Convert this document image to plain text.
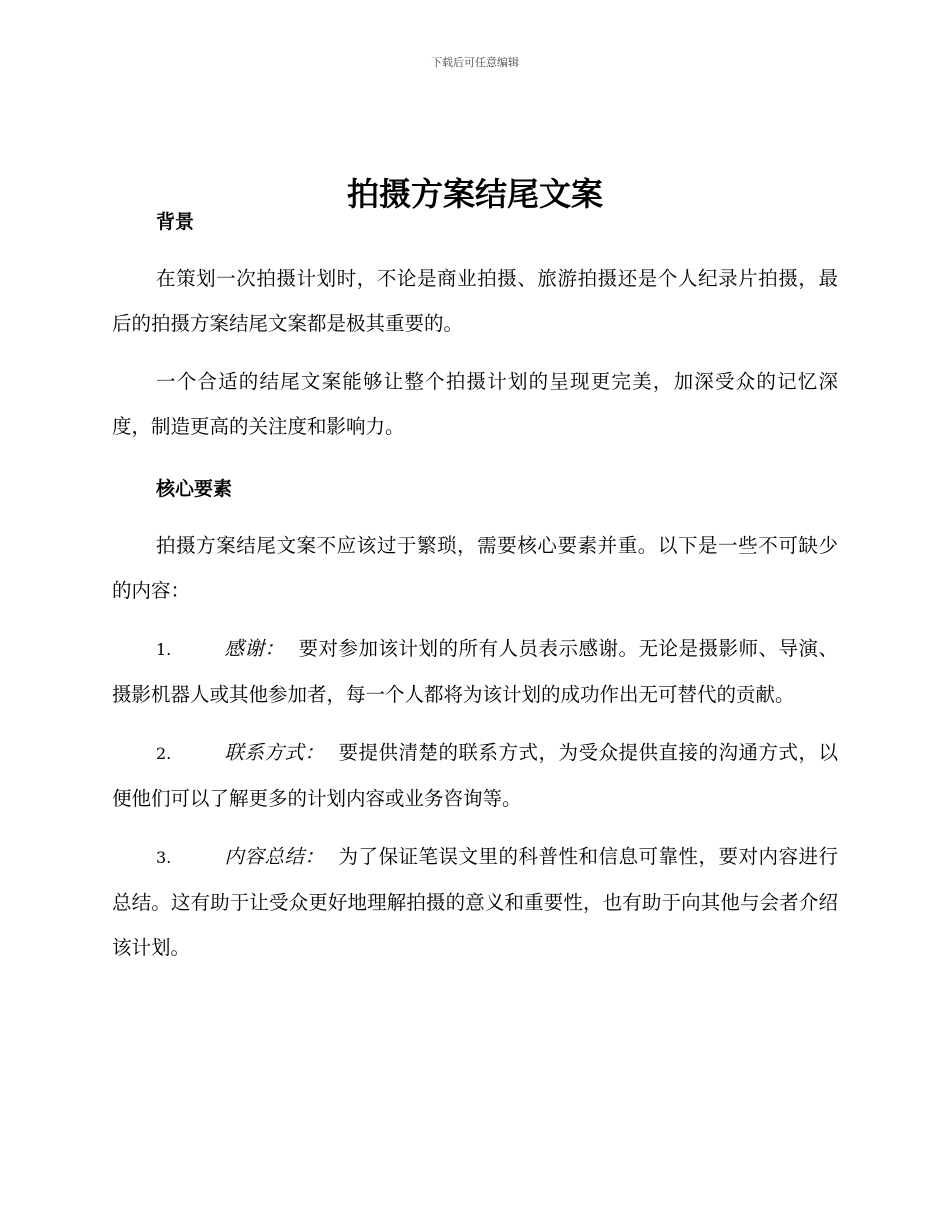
下载后可任意编辑
拍摄方案结尾文案
背景

在策划一次拍摄计划时，不论是商业拍摄、旅游拍摄还是个人纪录片拍摄，最后的拍摄方案结尾文案都是极其重要的。

一个合适的结尾文案能够让整个拍摄计划的呈现更完美，加深受众的记忆深度，制造更高的关注度和影响力。

核心要素

拍摄方案结尾文案不应该过于繁琐，需要核心要素并重。以下是一些不可缺少的内容：

1.	感谢： 要对参加该计划的所有人员表示感谢。无论是摄影师、导演、摄影机器人或其他参加者，每一个人都将为该计划的成功作出无可替代的贡献。

2.	联系方式： 要提供清楚的联系方式，为受众提供直接的沟通方式，以便他们可以了解更多的计划内容或业务咨询等。

3.	内容总结： 为了保证笔误文里的科普性和信息可靠性，要对内容进行总结。这有助于让受众更好地理解拍摄的意义和重要性，也有助于向其他与会者介绍该计划。
